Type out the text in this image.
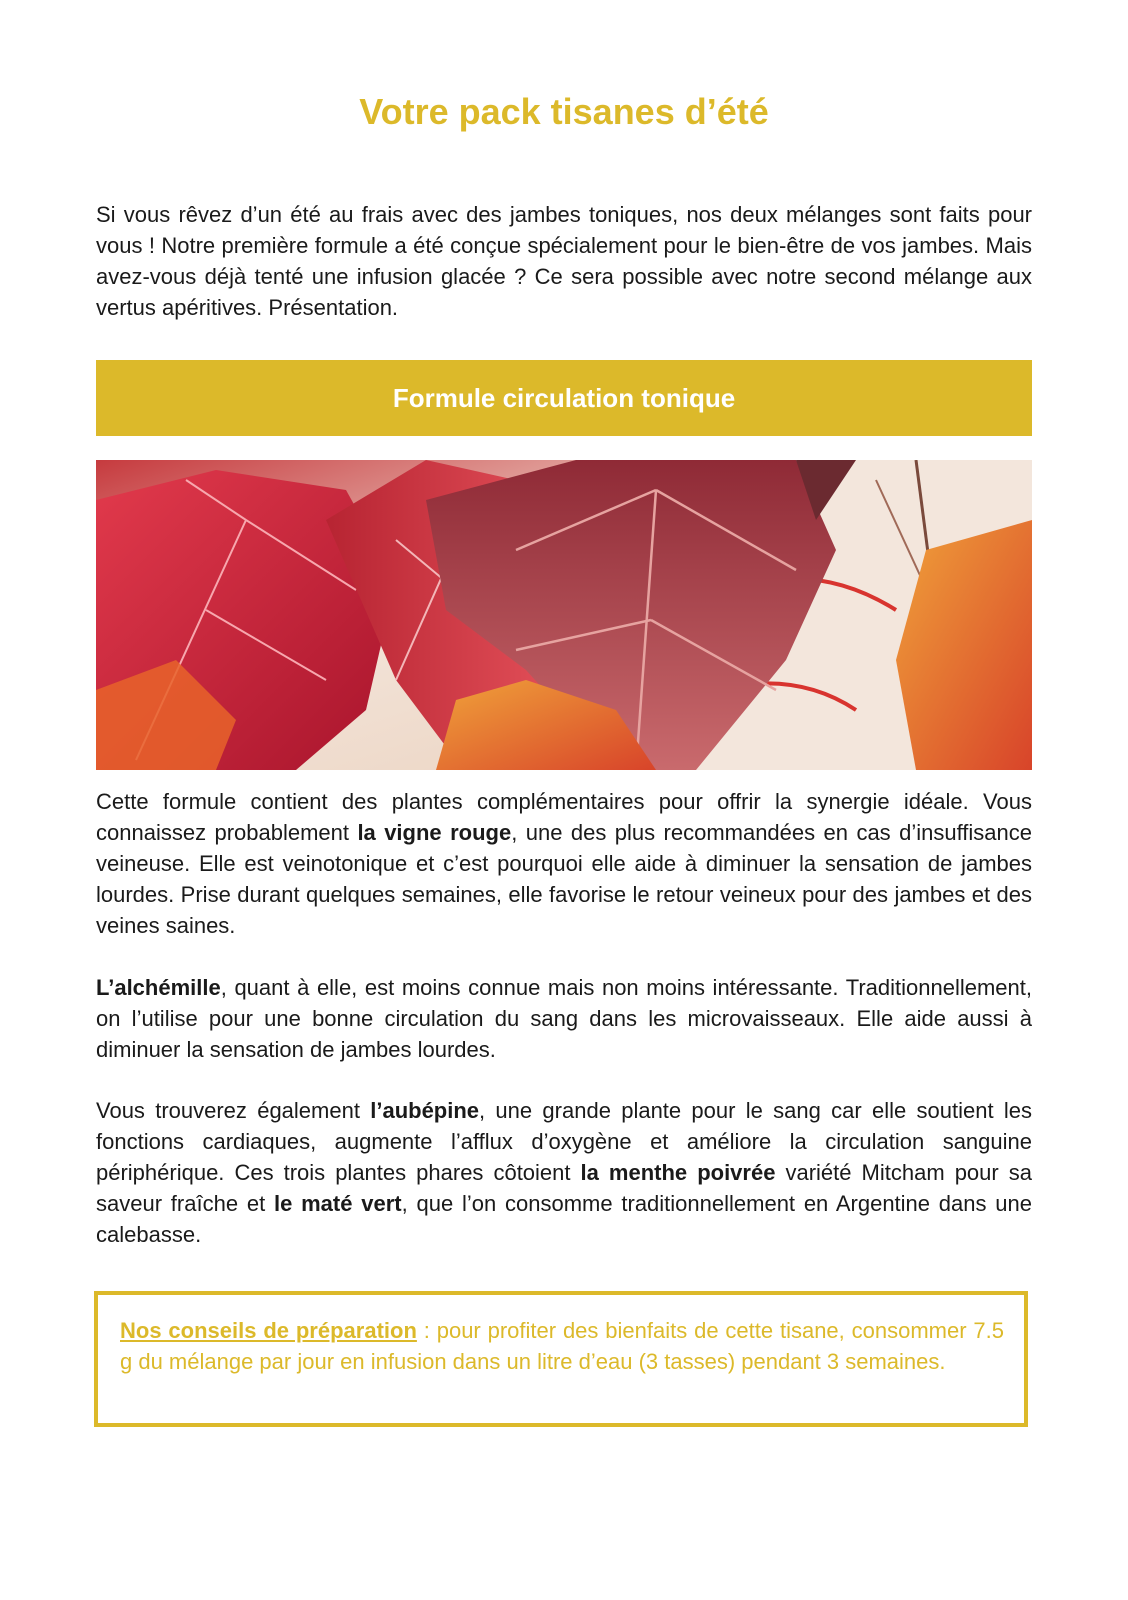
Votre pack tisanes d’été

Si vous rêvez d’un été au frais avec des jambes toniques, nos deux mélanges sont faits pour vous ! Notre première formule a été conçue spécialement pour le bien-être de vos jambes. Mais avez-vous déjà tenté une infusion glacée ? Ce sera possible avec notre second mélange aux vertus apéritives. Présentation.

Formule circulation tonique

Cette formule contient des plantes complémentaires pour offrir la synergie idéale. Vous connaissez probablement la vigne rouge, une des plus recommandées en cas d’insuffisance veineuse. Elle est veinotonique et c’est pourquoi elle aide à diminuer la sensation de jambes lourdes. Prise durant quelques semaines, elle favorise le retour veineux pour des jambes et des veines saines.

L’alchémille, quant à elle, est moins connue mais non moins intéressante. Traditionnellement, on l’utilise pour une bonne circulation du sang dans les microvaisseaux. Elle aide aussi à diminuer la sensation de jambes lourdes.

Vous trouverez également l’aubépine, une grande plante pour le sang car elle soutient les fonctions cardiaques, augmente l’afflux d’oxygène et améliore la circulation sanguine périphérique. Ces trois plantes phares côtoient la menthe poivrée variété Mitcham pour sa saveur fraîche et le maté vert, que l’on consomme traditionnellement en Argentine dans une calebasse.

Nos conseils de préparation : pour profiter des bienfaits de cette tisane, consommer 7.5 g du mélange par jour en infusion dans un litre d’eau (3 tasses) pendant 3 semaines.
